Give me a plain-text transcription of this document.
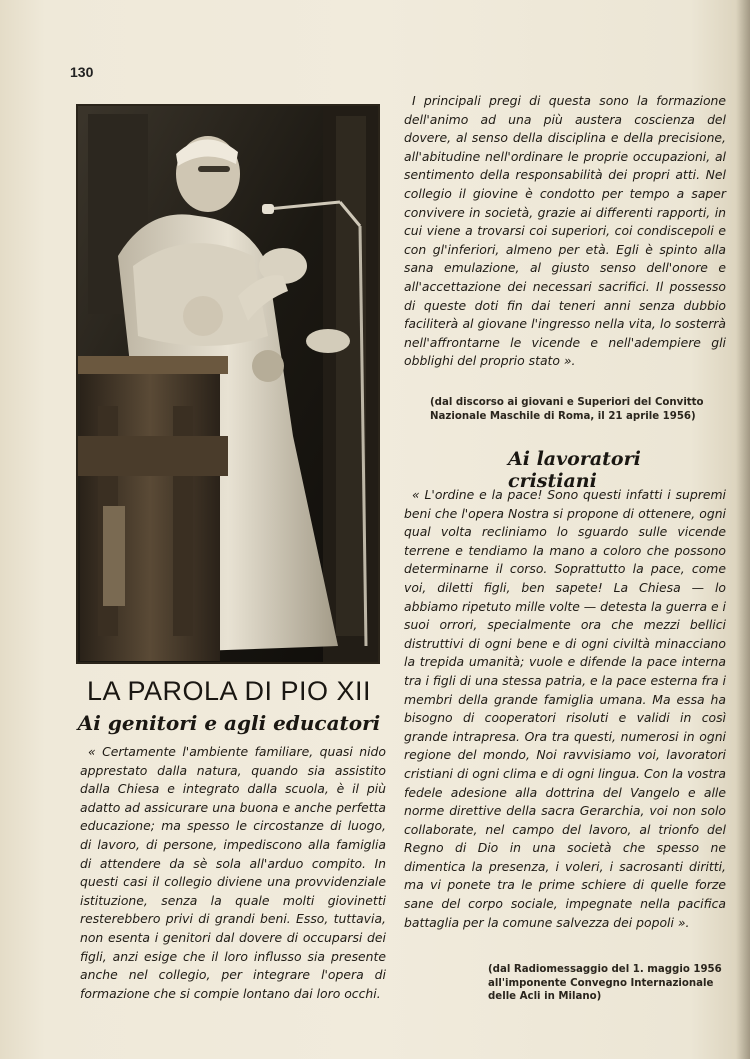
130
LA PAROLA DI PIO XII
Ai genitori e agli educatori

« Certamente l'ambiente familiare, quasi nido apprestato dalla natura, quando sia assistito dalla Chiesa e integrato dalla scuola, è il più adatto ad assicurare una buona e anche perfetta educazione; ma spesso le circostanze di luogo, di lavoro, di persone, impediscono alla famiglia di attendere da sè sola all'arduo compito. In questi casi il collegio diviene una provvidenziale istituzione, senza la quale molti giovinetti resterebbero privi di grandi beni. Esso, tuttavia, non esenta i genitori dal dovere di occuparsi dei figli, anzi esige che il loro influsso sia presente anche nel collegio, per integrare l'opera di formazione che si compie lontano dai loro occhi.

I principali pregi di questa sono la formazione dell'animo ad una più austera coscienza del dovere, al senso della disciplina e della precisione, all'abitudine nell'ordinare le proprie occupazioni, al sentimento della responsabilità dei propri atti. Nel collegio il giovine è condotto per tempo a saper convivere in società, grazie ai differenti rapporti, in cui viene a trovarsi coi superiori, coi condiscepoli e con gl'inferiori, almeno per età. Egli è spinto alla sana emulazione, al giusto senso dell'onore e all'accettazione dei necessari sacrifici. Il possesso di queste doti fin dai teneri anni senza dubbio faciliterà al giovane l'ingresso nella vita, lo sosterrà nell'affrontarne le vicende e nell'adempiere gli obblighi del proprio stato ».

(dal discorso ai giovani e Superiori del Convitto Nazionale Maschile di Roma, il 21 aprile 1956)
Ai lavoratori cristiani

« L'ordine e la pace! Sono questi infatti i supremi beni che l'opera Nostra si propone di ottenere, ogni qual volta recliniamo lo sguardo sulle vicende terrene e tendiamo la mano a coloro che possono determinarne il corso. Soprattutto la pace, come voi, diletti figli, ben sapete! La Chiesa — lo abbiamo ripetuto mille volte — detesta la guerra e i suoi orrori, specialmente ora che mezzi bellici distruttivi di ogni bene e di ogni civiltà minacciano la trepida umanità; vuole e difende la pace interna tra i figli di una stessa patria, e la pace esterna fra i membri della grande famiglia umana. Ma essa ha bisogno di cooperatori risoluti e validi in così grande intrapresa. Ora tra questi, numerosi in ogni regione del mondo, Noi ravvisiamo voi, lavoratori cristiani di ogni clima e di ogni lingua. Con la vostra fedele adesione alla dottrina del Vangelo e alle norme direttive della sacra Gerarchia, voi non solo collaborate, nel campo del lavoro, al trionfo del Regno di Dio in una società che spesso ne dimentica la presenza, i voleri, i sacrosanti diritti, ma vi ponete tra le prime schiere di quelle forze sane del corpo sociale, impegnate nella pacifica battaglia per la comune salvezza dei popoli ».

(dal Radiomessaggio del 1. maggio 1956 all'imponente Convegno Internazionale delle Acli in Milano)
